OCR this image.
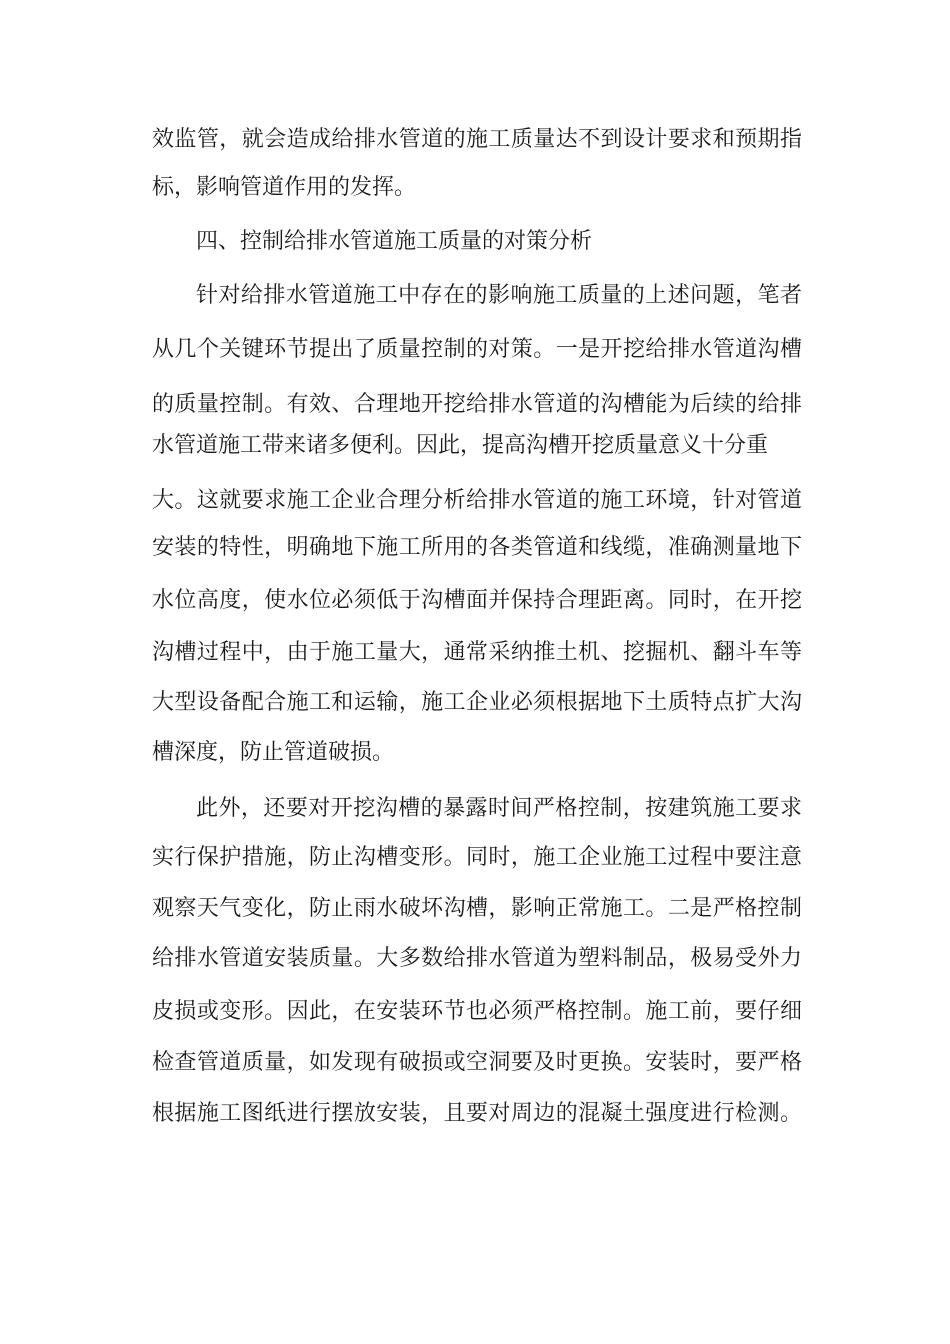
效监管，就会造成给排水管道的施工质量达不到设计要求和预期指
标，影响管道作用的发挥。
四、控制给排水管道施工质量的对策分析
针对给排水管道施工中存在的影响施工质量的上述问题，笔者
从几个关键环节提出了质量控制的对策。一是开挖给排水管道沟槽
的质量控制。有效、合理地开挖给排水管道的沟槽能为后续的给排
水管道施工带来诸多便利。因此，提高沟槽开挖质量意义十分重
大。这就要求施工企业合理分析给排水管道的施工环境，针对管道
安装的特性，明确地下施工所用的各类管道和线缆，准确测量地下
水位高度，使水位必须低于沟槽面并保持合理距离。同时，在开挖
沟槽过程中，由于施工量大，通常采纳推土机、挖掘机、翻斗车等
大型设备配合施工和运输，施工企业必须根据地下土质特点扩大沟
槽深度，防止管道破损。
此外，还要对开挖沟槽的暴露时间严格控制，按建筑施工要求
实行保护措施，防止沟槽变形。同时，施工企业施工过程中要注意
观察天气变化，防止雨水破坏沟槽，影响正常施工。二是严格控制
给排水管道安装质量。大多数给排水管道为塑料制品，极易受外力
皮损或变形。因此，在安装环节也必须严格控制。施工前，要仔细
检查管道质量，如发现有破损或空洞要及时更换。安装时，要严格
根据施工图纸进行摆放安装，且要对周边的混凝土强度进行检测。
